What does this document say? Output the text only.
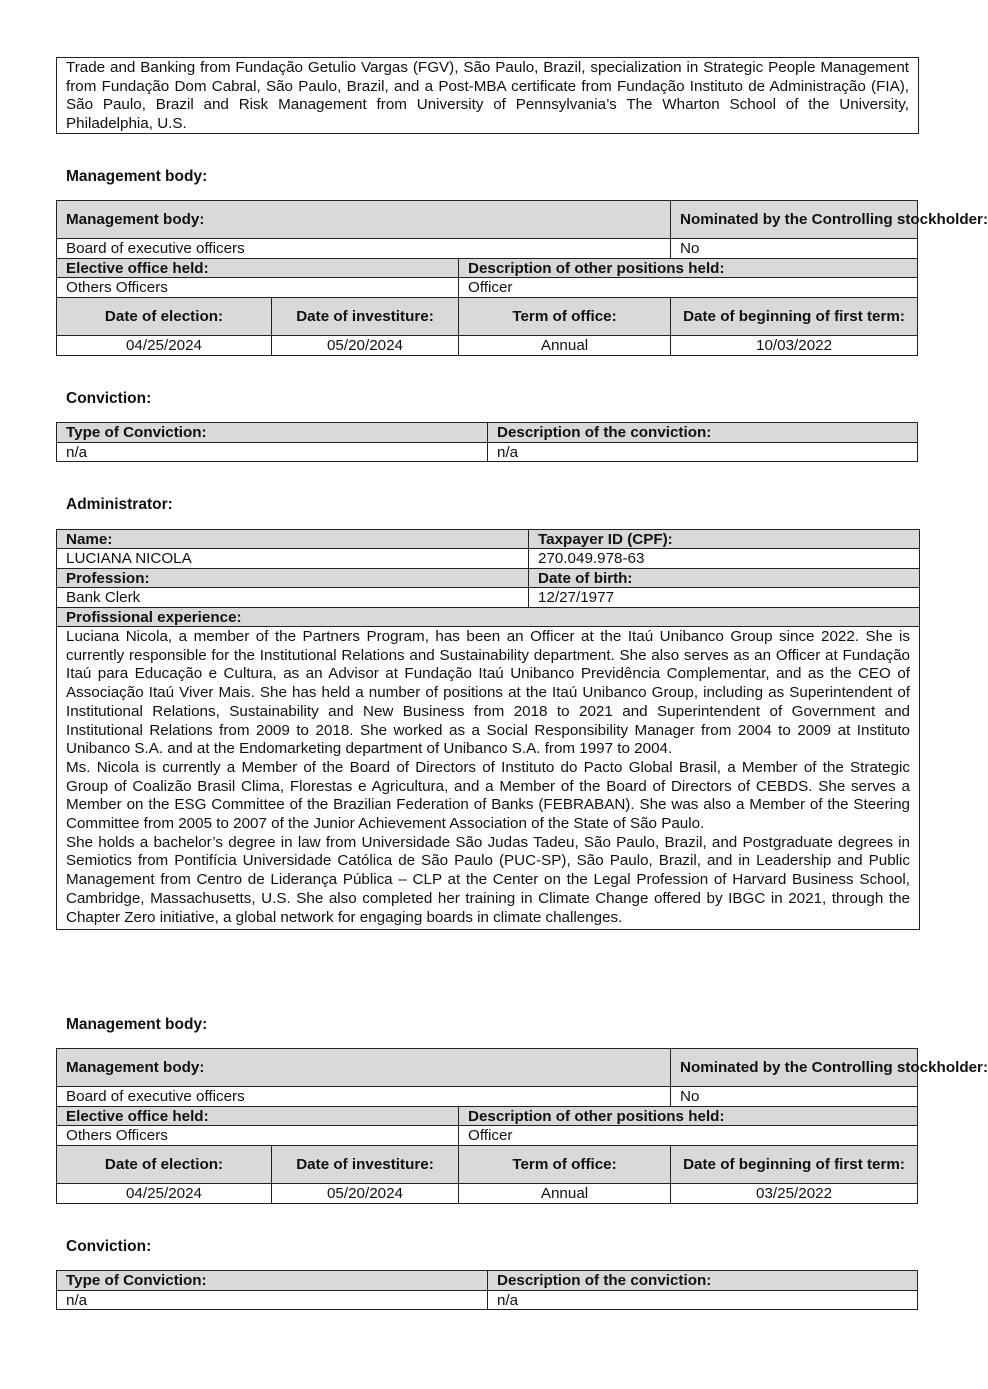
Trade and Banking from Fundação Getulio Vargas (FGV), São Paulo, Brazil, specialization in Strategic People Management from Fundação Dom Cabral, São Paulo, Brazil, and a Post-MBA certificate from Fundação Instituto de Administração (FIA), São Paulo, Brazil and Risk Management from University of Pennsylvania’s The Wharton School of the University, Philadelphia, U.S.

Management body:
Management body:			Nominated by the Controlling stockholder:
Board of executive officers			No
Elective office held:		Description of other positions held:	
Others Officers		Officer	
Date of election:	Date of investiture:	Term of office:	Date of beginning of first term:
04/25/2024	05/20/2024	Annual	10/03/2022
Conviction:
Type of Conviction:	Description of the conviction:
n/a	n/a
Administrator:
Name:	Taxpayer ID (CPF):
LUCIANA NICOLA	270.049.978-63
Profession:	Date of birth:
Bank Clerk	12/27/1977
Profissional experience:	

Luciana Nicola, a member of the Partners Program, has been an Officer at the Itaú Unibanco Group since 2022. She is currently responsible for the Institutional Relations and Sustainability department. She also serves as an Officer at Fundação Itaú para Educação e Cultura, as an Advisor at Fundação Itaú Unibanco Previdência Complementar, and as the CEO of Associação Itaú Viver Mais. She has held a number of positions at the Itaú Unibanco Group, including as Superintendent of Institutional Relations, Sustainability and New Business from 2018 to 2021 and Superintendent of Government and Institutional Relations from 2009 to 2018. She worked as a Social Responsibility Manager from 2004 to 2009 at Instituto Unibanco S.A. and at the Endomarketing department of Unibanco S.A. from 1997 to 2004.

Ms. Nicola is currently a Member of the Board of Directors of Instituto do Pacto Global Brasil, a Member of the Strategic Group of Coalizão Brasil Clima, Florestas e Agricultura, and a Member of the Board of Directors of CEBDS. She serves a Member on the ESG Committee of the Brazilian Federation of Banks (FEBRABAN). She was also a Member of the Steering Committee from 2005 to 2007 of the Junior Achievement Association of the State of São Paulo.

She holds a bachelor’s degree in law from Universidade São Judas Tadeu, São Paulo, Brazil, and Postgraduate degrees in Semiotics from Pontifícia Universidade Católica de São Paulo (PUC-SP), São Paulo, Brazil, and in Leadership and Public Management from Centro de Liderança Pública – CLP at the Center on the Legal Profession of Harvard Business School, Cambridge, Massachusetts, U.S. She also completed her training in Climate Change offered by IBGC in 2021, through the Chapter Zero initiative, a global network for engaging boards in climate challenges.	

Management body:
Management body:			Nominated by the Controlling stockholder:
Board of executive officers			No
Elective office held:		Description of other positions held:	
Others Officers		Officer	
Date of election:	Date of investiture:	Term of office:	Date of beginning of first term:
04/25/2024	05/20/2024	Annual	03/25/2022
Conviction:
Type of Conviction:	Description of the conviction:
n/a	n/a
